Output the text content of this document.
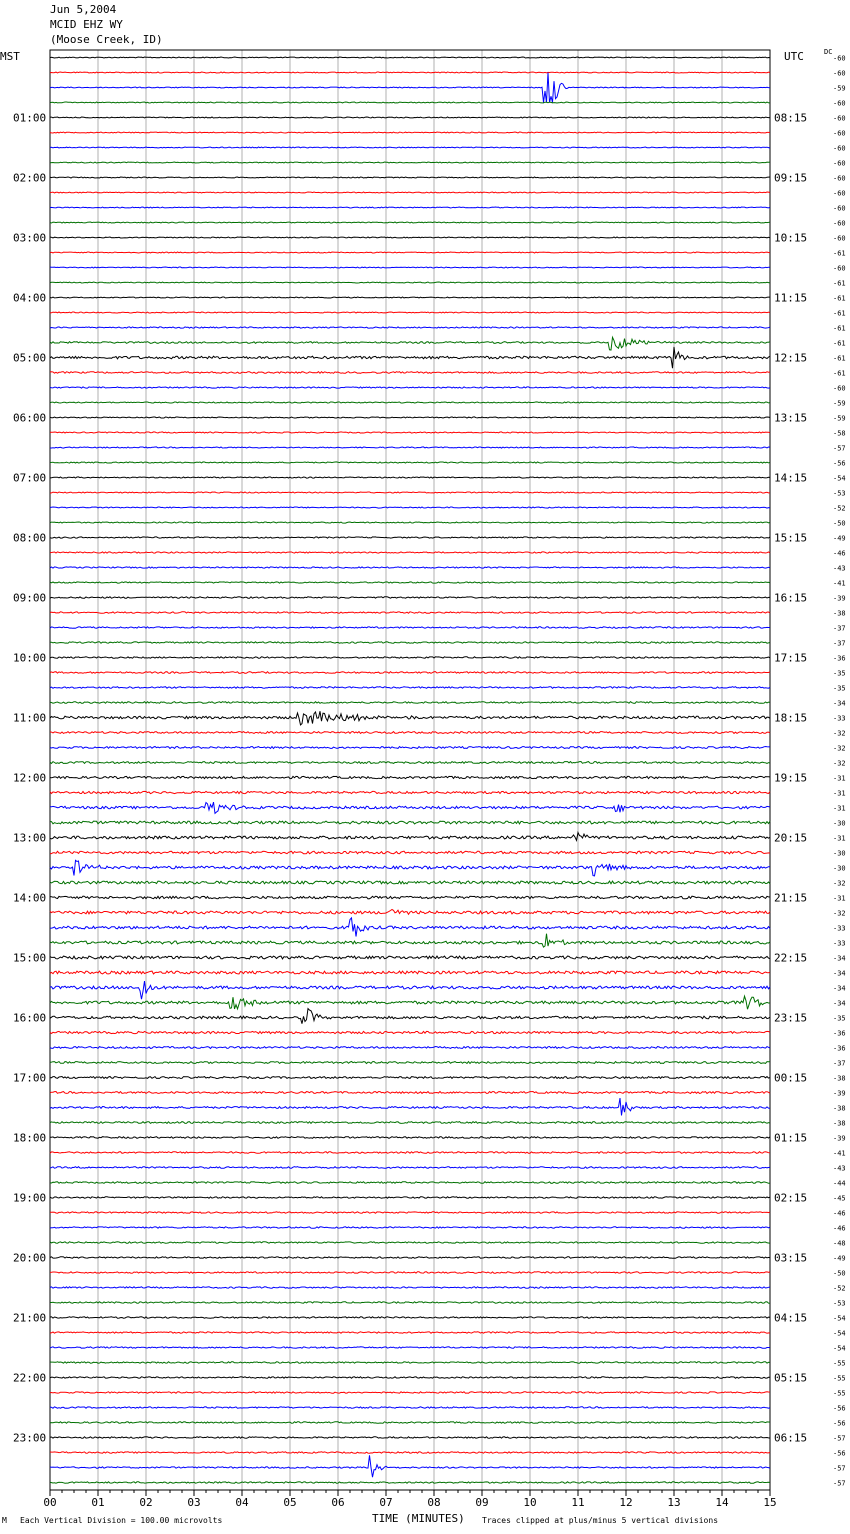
-60
-60
-59
-60
-60
-60
-60
-60
-60
-60
-60
-60
-60
-61
-60
-61
-61
-61
-61
-61
-61
-61
-60
-59
-59
-58
-57
-56
-54
-53
-52
-50
-49
-46
-43
-41
-39
-38
-37
-37
-36
-35
-35
-34
-33
-32
-32
-32
-31
-31
-31
-30
-31
-30
-30
-32
-31
-32
-33
-33
-34
-34
-34
-34
-35
-36
-36
-37
-38
-39
-38
-38
-39
-41
-43
-44
-45
-46
-46
-48
-49
-50
-52
-53
-54
-54
-54
-55
-55
-55
-56
-56
-57
-56
-57
-57
01:00
02:00
03:00
04:00
05:00
06:00
07:00
08:00
09:00
10:00
11:00
12:00
13:00
14:00
15:00
16:00
17:00
18:00
19:00
20:00
21:00
22:00
23:00
08:15
09:15
10:15
11:15
12:15
13:15
14:15
15:15
16:15
17:15
18:15
19:15
20:15
21:15
22:15
23:15
00:15
01:15
02:15
03:15
04:15
05:15
06:15
00	01	02	03	04	05	06	07	08	09	10	11	12	13	14	15
Jun 5,2004
MCID EHZ WY
(Moose Creek, ID)
MST	UTC	DC
TIME (MINUTES)
M Each Vertical Division = 100.00 microvolts	Traces clipped at plus/minus 5 vertical divisions
